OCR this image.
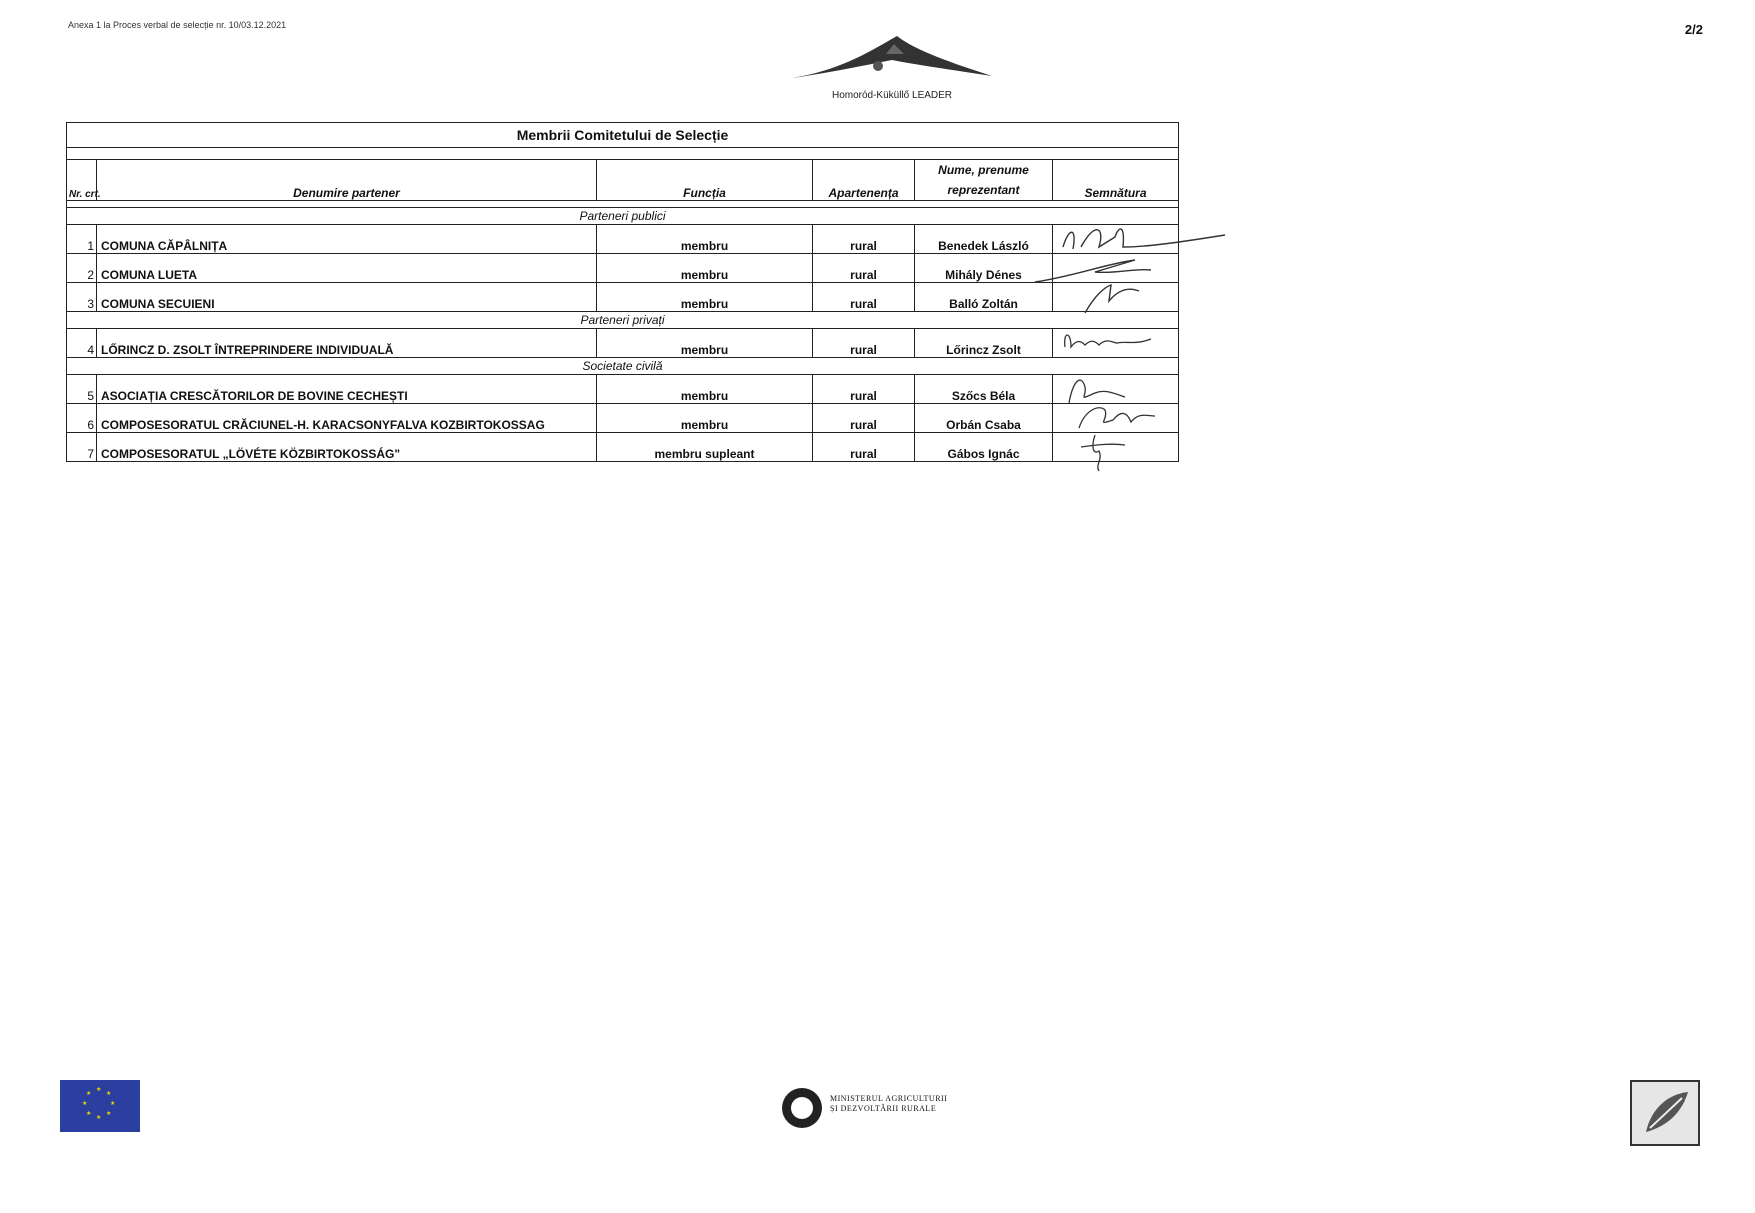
Anexa 1 la Proces verbal de selecție nr. 10/03.12.2021	2/2
Homoród-Küküllő LEADER
Membrii Comitetului de Selecție					

Nr. crt.	Denumire partener	Funcția	Apartenența	Nume, prenume reprezentant	Semnătura

Parteneri publici					
1	COMUNA CĂPÂLNIȚA	membru	rural	Benedek László	

2	COMUNA LUETA	membru	rural	Mihály Dénes	

3	COMUNA SECUIENI	membru	rural	Balló Zoltán	

Parteneri privați					
4	LŐRINCZ D. ZSOLT ÎNTREPRINDERE INDIVIDUALĂ	membru	rural	Lőrincz Zsolt	

Societate civilă					
5	ASOCIAȚIA CRESCĂTORILOR DE BOVINE CECHEȘTI	membru	rural	Szőcs Béla	

6	COMPOSESORATUL CRĂCIUNEL-H. KARACSONYFALVA KOZBIRTOKOSSAG	membru	rural	Orbán Csaba	

7	COMPOSESORATUL „LÖVÉTE KÖZBIRTOKOSSÁG"	membru supleant	rural	Gábos Ignác	
★
★
★
★
★
★
★
★	MINISTERUL AGRICULTURII
ȘI DEZVOLTĂRII RURALE
